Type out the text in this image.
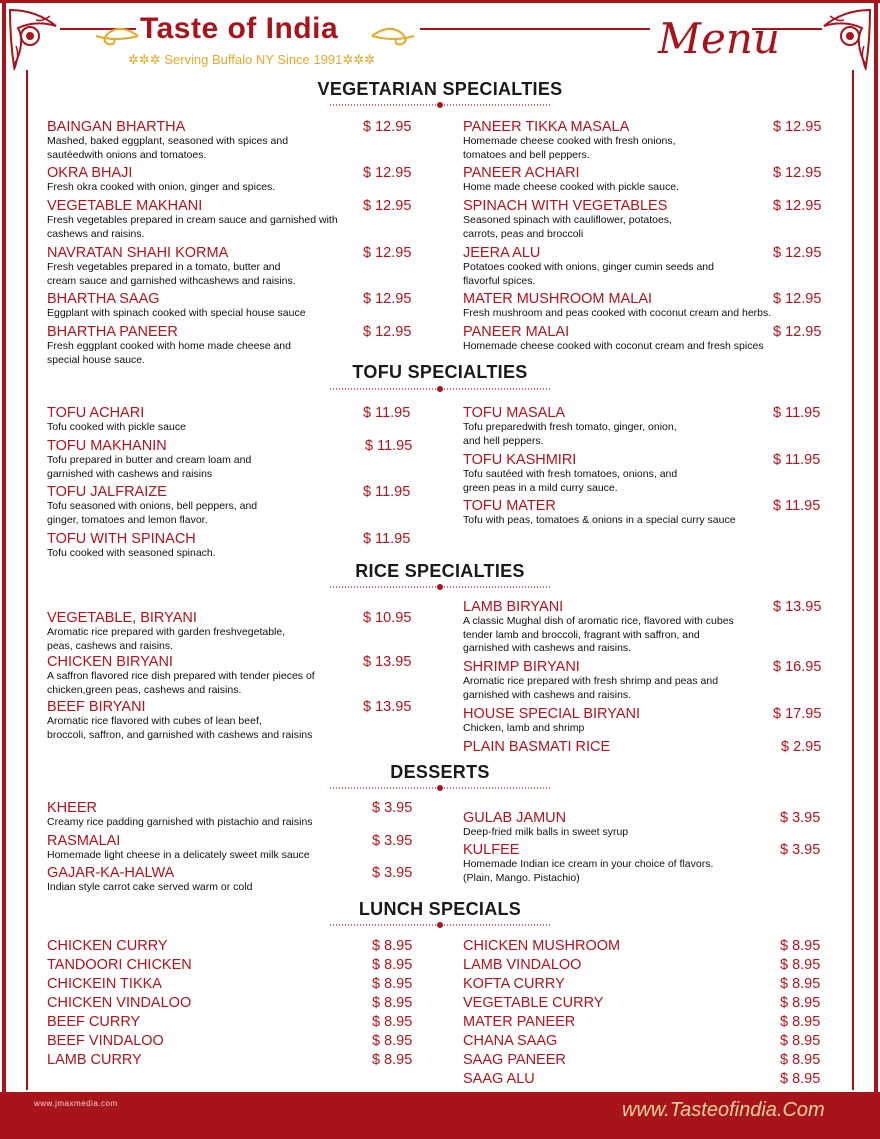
Taste of India
✲✲✲ Serving Buffalo NY Since 1991✲✲✲	Menu
VEGETARIAN SPECIALTIES
TOFU SPECIALTIES
RICE SPECIALTIES
DESSERTS
LUNCH SPECIALS
BAINGAN BHARTHA
Mashed, baked eggplant, seasoned with spices and
sautéedwith onions and tomatoes.
$ 12.95
OKRA BHAJI
Fresh okra cooked with onion, ginger and spices.
$ 12.95
VEGETABLE MAKHANI
Fresh vegetables prepared in cream sauce and garnished with
cashews and raisins.
$ 12.95
NAVRATAN SHAHI KORMA
Fresh vegetables prepared in a tomato, butter and
cream sauce and garnished withcashews and raisins.
$ 12.95
BHARTHA SAAG
Eggplant with spinach cooked with special house sauce
$ 12.95
BHARTHA PANEER
Fresh eggplant cooked with home made cheese and
special house sauce.
$ 12.95
PANEER TIKKA MASALA
Homemade cheese cooked with fresh onions,
tomatoes and bell peppers.
$ 12.95
PANEER ACHARI
Home made cheese cooked with pickle sauce.
$ 12.95
SPINACH WITH VEGETABLES
Seasoned spinach with cauliflower, potatoes,
carrots, peas and broccoli
$ 12.95
JEERA ALU
Potatoes cooked with onions, ginger cumin seeds and
flavorful spices.
$ 12.95
MATER MUSHROOM MALAI
Fresh mushroom and peas cooked with coconut cream and herbs.
$ 12.95
PANEER MALAI
Homemade cheese cooked with coconut cream and fresh spices
$ 12.95
TOFU ACHARI
Tofu cooked with pickle sauce
$ 11.95
TOFU MAKHANIN
Tofu prepared in butter and cream loam and
garnished with cashews and raisins
$ 11.95
TOFU JALFRAIZE
Tofu seasoned with onions, bell peppers, and
ginger, tomatoes and lemon flavor.
$ 11.95
TOFU WITH SPINACH
Tofu cooked with seasoned spinach.
$ 11.95
TOFU MASALA
Tofu preparedwith fresh tomato, ginger, onion,
and hell peppers.
$ 11.95
TOFU KASHMIRI
Tofu sautéed with fresh tomatoes, onions, and
green peas in a mild curry sauce.
$ 11.95
TOFU MATER
Tofu with peas, tomatoes & onions in a special curry sauce
$ 11.95
VEGETABLE, BIRYANI
Aromatic rice prepared with garden freshvegetable,
peas, cashews and raisins.
$ 10.95
CHICKEN BIRYANI
A saffron flavored rice dish prepared with tender pieces of
chicken,green peas, cashews and raisins.
$ 13.95
BEEF BIRYANI
Aromatic rice flavored with cubes of lean beef,
broccoli, saffron, and garnished with cashews and raisins
$ 13.95
LAMB BIRYANI
A classic Mughal dish of aromatic rice, flavored with cubes
tender lamb and broccoli, fragrant with saffron, and
garnished with cashews and raisins.
$ 13.95
SHRIMP BIRYANI
Aromatic rice prepared with fresh shrimp and peas and
garnished with cashews and raisins.
$ 16.95
HOUSE SPECIAL BIRYANI
Chicken, lamb and shrimp
$ 17.95
PLAIN BASMATI RICE	$ 2.95
KHEER
Creamy rice padding garnished with pistachio and raisins
$ 3.95
RASMALAI
Homemade light cheese in a delicately sweet milk sauce
$ 3.95
GAJAR-KA-HALWA
Indian style carrot cake served warm or cold
$ 3.95
GULAB JAMUN
Deep-fried milk balls in sweet syrup
$ 3.95
KULFEE
Homemade Indian ice cream in your choice of flavors.
(Plain, Mango. Pistachio)
$ 3.95
CHICKEN CURRY	$ 8.95
TANDOORI CHICKEN	$ 8.95
CHICKEIN TIKKA	$ 8.95
CHICKEN VINDALOO	$ 8.95
BEEF CURRY	$ 8.95
BEEF VINDALOO	$ 8.95
LAMB CURRY	$ 8.95
CHICKEN MUSHROOM	$ 8.95
LAMB VINDALOO	$ 8.95
KOFTA CURRY	$ 8.95
VEGETABLE CURRY	$ 8.95
MATER PANEER	$ 8.95
CHANA SAAG	$ 8.95
SAAG PANEER	$ 8.95
SAAG ALU	$ 8.95
www.jmaxmedia.com	www.Tasteofindia.Com
